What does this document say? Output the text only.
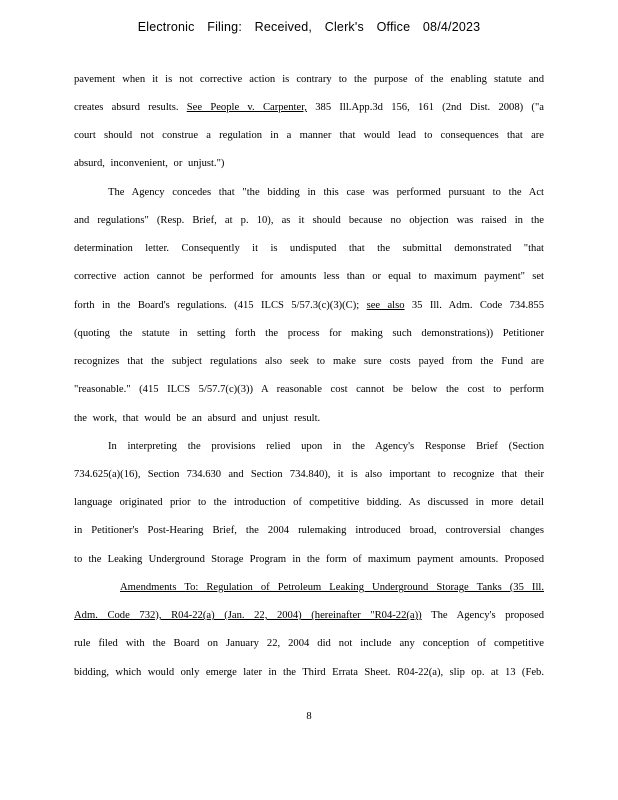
Electronic Filing: Received, Clerk's Office 08/4/2023
pavement when it is not corrective action is contrary to the purpose of the enabling statute and
creates absurd results. See People v. Carpenter, 385 Ill.App.3d 156, 161 (2nd Dist. 2008) ("a
court should not construe a regulation in a manner that would lead to consequences that are
absurd, inconvenient, or unjust.")
The Agency concedes that "the bidding in this case was performed pursuant to the Act
and regulations" (Resp. Brief, at p. 10), as it should because no objection was raised in the
determination letter. Consequently it is undisputed that the submittal demonstrated "that
corrective action cannot be performed for amounts less than or equal to maximum payment" set
forth in the Board's regulations. (415 ILCS 5/57.3(c)(3)(C); see also 35 Ill. Adm. Code 734.855
(quoting the statute in setting forth the process for making such demonstrations)) Petitioner
recognizes that the subject regulations also seek to make sure costs payed from the Fund are
"reasonable." (415 ILCS 5/57.7(c)(3)) A reasonable cost cannot be below the cost to perform
the work, that would be an absurd and unjust result.
In interpreting the provisions relied upon in the Agency's Response Brief (Section
734.625(a)(16), Section 734.630 and Section 734.840), it is also important to recognize that their
language originated prior to the introduction of competitive bidding. As discussed in more detail
in Petitioner's Post-Hearing Brief, the 2004 rulemaking introduced broad, controversial changes
to the Leaking Underground Storage Program in the form of maximum payment amounts. Proposed
Amendments To: Regulation of Petroleum Leaking Underground Storage Tanks (35 Ill.
Adm. Code 732), R04-22(a) (Jan. 22, 2004) (hereinafter "R04-22(a)) The Agency's proposed
rule filed with the Board on January 22, 2004 did not include any conception of competitive
bidding, which would only emerge later in the Third Errata Sheet. R04-22(a), slip op. at 13 (Feb.
8
